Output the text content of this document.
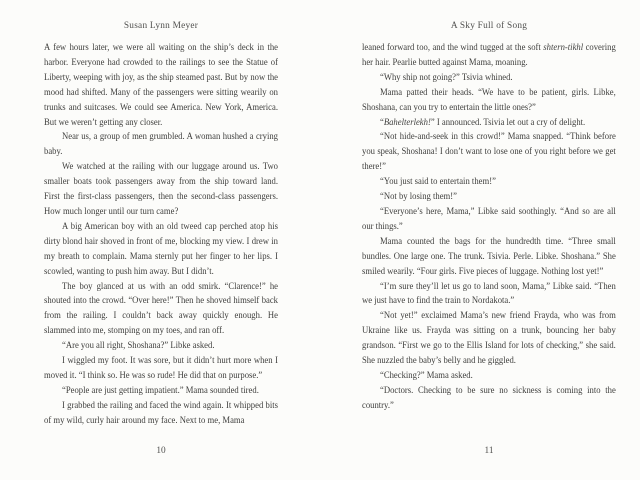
Susan Lynn Meyer

A few hours later, we were all waiting on the ship’s deck in the harbor. Everyone had crowded to the railings to see the Statue of Liberty, weeping with joy, as the ship steamed past. But by now the mood had shifted. Many of the passengers were sitting wearily on trunks and suitcases. We could see America. New York, America. But we weren’t getting any closer.

Near us, a group of men grumbled. A woman hushed a crying baby.

We watched at the railing with our luggage around us. Two smaller boats took passengers away from the ship toward land. First the first-class passengers, then the second-class passengers. How much longer until our turn came?

A big American boy with an old tweed cap perched atop his dirty blond hair shoved in front of me, blocking my view. I drew in my breath to complain. Mama sternly put her finger to her lips. I scowled, wanting to push him away. But I didn’t.

The boy glanced at us with an odd smirk. “Clarence!” he shouted into the crowd. “Over here!” Then he shoved himself back from the railing. I couldn’t back away quickly enough. He slammed into me, stomping on my toes, and ran off.

“Are you all right, Shoshana?” Libke asked.

I wiggled my foot. It was sore, but it didn’t hurt more when I moved it. “I think so. He was so rude! He did that on purpose.”

“People are just getting impatient.” Mama sounded tired.

I grabbed the railing and faced the wind again. It whipped bits of my wild, curly hair around my face. Next to me, Mama

10
A Sky Full of Song

leaned forward too, and the wind tugged at the soft shtern-tikhl covering her hair. Pearlie butted against Mama, moaning.

“Why ship not going?” Tsivia whined.

Mama patted their heads. “We have to be patient, girls. Libke, Shoshana, can you try to entertain the little ones?”

“Bahelterlekh!” I announced. Tsivia let out a cry of delight.

“Not hide-and-seek in this crowd!” Mama snapped. “Think before you speak, Shoshana! I don’t want to lose one of you right before we get there!”

“You just said to entertain them!”

“Not by losing them!”

“Everyone’s here, Mama,” Libke said soothingly. “And so are all our things.”

Mama counted the bags for the hundredth time. “Three small bundles. One large one. The trunk. Tsivia. Perle. Libke. Shoshana.” She smiled wearily. “Four girls. Five pieces of luggage. Nothing lost yet!”

“I’m sure they’ll let us go to land soon, Mama,” Libke said. “Then we just have to find the train to Nordakota.”

“Not yet!” exclaimed Mama’s new friend Frayda, who was from Ukraine like us. Frayda was sitting on a trunk, bouncing her baby grandson. “First we go to the Ellis Island for lots of checking,” she said. She nuzzled the baby’s belly and he giggled.

“Checking?” Mama asked.

“Doctors. Checking to be sure no sickness is coming into the country.”

11
